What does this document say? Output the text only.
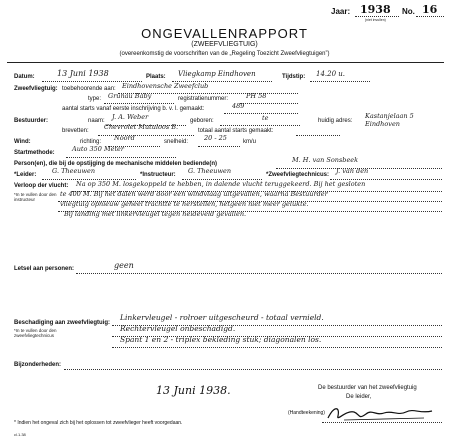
Jaar: 1938 No. 16
(niet invullen)
ONGEVALLENRAPPORT
(ZWEEFVLIEGTUIG)
(overeenkomstig de voorschriften van de „Regeling Toezicht Zweefvliegtuigen”)
Datum:	13 Juni 1938	Plaats: Vliegkamp Eindhoven	Tijdstip: 14.20 u.
Zweefvliegtuig: toebehoorende aan: Eindhovensche Zweefclub
type: Grunau Baby	registratienummer:	PH 58
aantal starts vanaf eerste inschrijving b. v. l. gemaakt:	489
Bestuurder:	naam: J. A. Weber	geboren:	te	huidig adres:
Kastanjelaan 5 Eindhoven
brevetten: Chevrolet Mutuloos B.	totaal aantal starts gemaakt:
Wind:	richting: Noord	snelheid: 20 - 25	km/u
Startmethode:	Auto 350 Meter
Person(en), die bij de opstijging de mechanische middelen bediende(n)	M. H. van Sonsbeek
*Leider: G. Theeuwen	*Instructeur: G. Theeuwen	*Zweefvliegtechnicus: J. van den
Verloop der vlucht:
*In te vullen door den instructeur
Na op 350 M. losgekoppeld te hebben, in dalende vlucht teruggekeerd. Bij het gesloten
te 400 M. Bij het dalen werd door een windvlaag uitgevallen, waarna Bestuurder
vliegtuig opnieuw geheel trachtte te herstellen, hetgeen niet meer gelukte.
Bij landing met linkervleugel tegen heideveld gevallen.
Letsel aan personen:	geen
Beschadiging aan zweefvliegtuig:
*In te vullen door den zweefvliegtechnicus
Linkervleugel - rolroer uitgescheurd - totaal vernield.
Rechtervleugel onbeschadigd.
Spant 1 en 2 - triplex bekleding stuk; diagonalen los.
Bijzonderheden:
13 Juni 1938.	De bestuurder van het zweefvliegtuig
De leider,
(Handteekening)
* Indien het ongeval zich bij het oplossen tot zweefvlieger heeft voorgedaan.
cl.1.38
